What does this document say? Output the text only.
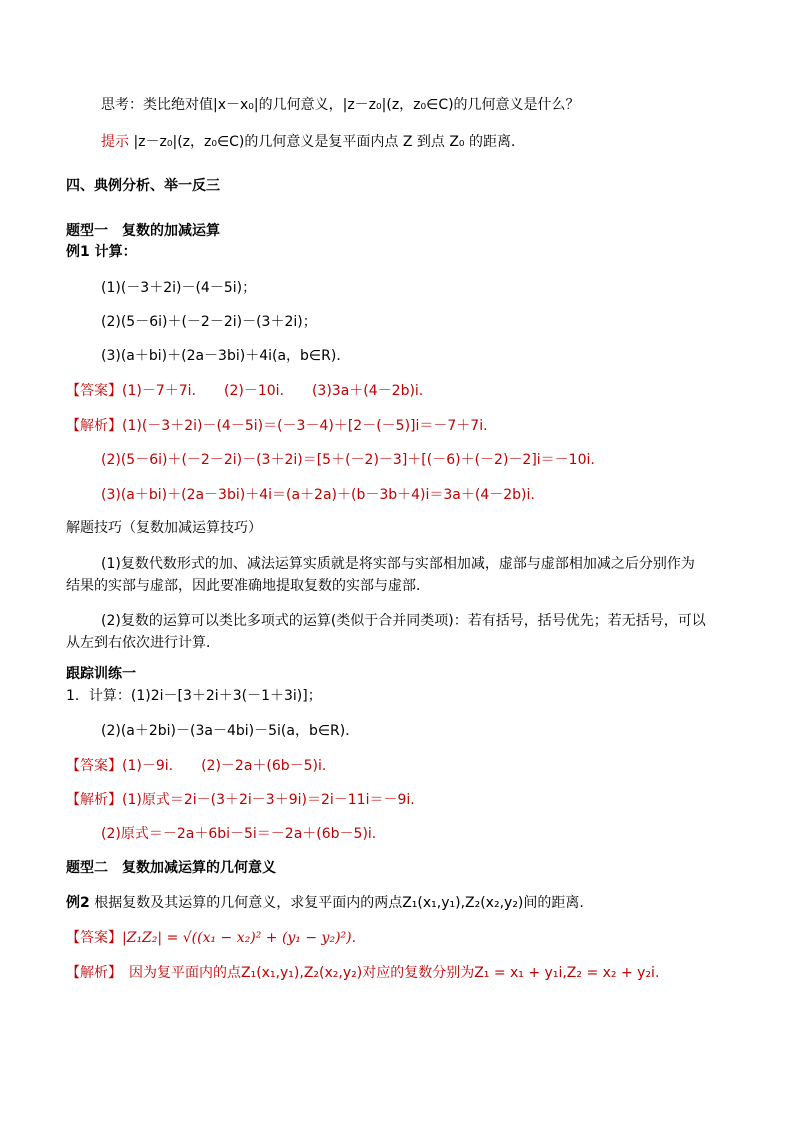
思考：类比绝对值|x－x₀|的几何意义，|z－z₀|(z，z₀∈C)的几何意义是什么？
提示 |z－z₀|(z，z₀∈C)的几何意义是复平面内点 Z 到点 Z₀ 的距离．
四、典例分析、举一反三
题型一　复数的加减运算
例1 计算：
(1)(－3＋2i)－(4－5i)；
(2)(5－6i)＋(－2－2i)－(3＋2i)；
(3)(a＋bi)＋(2a－3bi)＋4i(a，b∈R)．
【答案】(1)－7＋7i.　　(2)－10i.　　(3)3a＋(4－2b)i.
【解析】(1)(－3＋2i)－(4－5i)＝(－3－4)＋[2－(－5)]i＝－7＋7i.
(2)(5－6i)＋(－2－2i)－(3＋2i)＝[5＋(－2)－3]＋[(－6)＋(－2)－2]i＝－10i.
(3)(a＋bi)＋(2a－3bi)＋4i＝(a＋2a)＋(b－3b＋4)i＝3a＋(4－2b)i.
解题技巧（复数加减运算技巧）
(1)复数代数形式的加、减法运算实质就是将实部与实部相加减，虚部与虚部相加减之后分别作为结果的实部与虚部，因此要准确地提取复数的实部与虚部．
(2)复数的运算可以类比多项式的运算(类似于合并同类项)：若有括号，括号优先；若无括号，可以从左到右依次进行计算．
跟踪训练一
1．计算：(1)2i－[3＋2i＋3(－1＋3i)]；
(2)(a＋2bi)－(3a－4bi)－5i(a，b∈R)．
【答案】(1)－9i.　　(2)－2a＋(6b－5)i.
【解析】(1)原式＝2i－(3＋2i－3＋9i)＝2i－11i＝－9i.
(2)原式＝－2a＋6bi－5i＝－2a＋(6b－5)i.
题型二　复数加减运算的几何意义
例2 根据复数及其运算的几何意义，求复平面内的两点Z₁(x₁,y₁),Z₂(x₂,y₂)间的距离.
【答案】|Z₁Z₂| = √((x₁ − x₂)² + (y₁ − y₂)²).
【解析】　因为复平面内的点Z₁(x₁,y₁),Z₂(x₂,y₂)对应的复数分别为Z₁ = x₁ + y₁i,Z₂ = x₂ + y₂i.
